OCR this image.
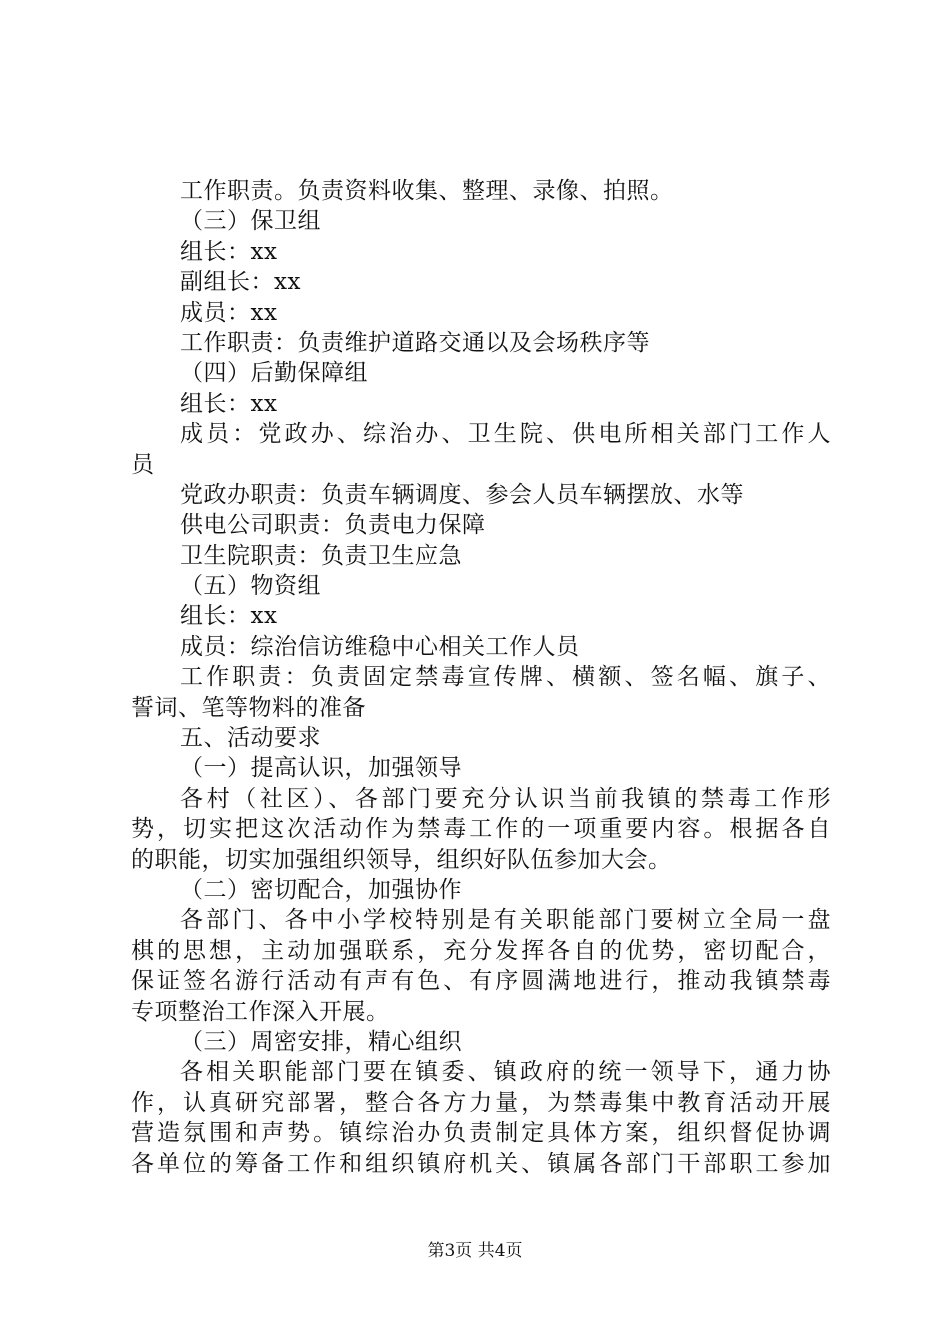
工作职责。负责资料收集、整理、录像、拍照。
（三）保卫组
组长：xx
副组长：xx
成员：xx
工作职责：负责维护道路交通以及会场秩序等
（四）后勤保障组
组长：xx
成员：党政办、综治办、卫生院、供电所相关部门工作人
员
党政办职责：负责车辆调度、参会人员车辆摆放、水等
供电公司职责：负责电力保障
卫生院职责：负责卫生应急
（五）物资组
组长：xx
成员：综治信访维稳中心相关工作人员
工作职责：负责固定禁毒宣传牌、横额、签名幅、旗子、
誓词、笔等物料的准备
五、活动要求
（一）提高认识，加强领导
各村（社区）、各部门要充分认识当前我镇的禁毒工作形
势，切实把这次活动作为禁毒工作的一项重要内容。根据各自
的职能，切实加强组织领导，组织好队伍参加大会。
（二）密切配合，加强协作
各部门、各中小学校特别是有关职能部门要树立全局一盘
棋的思想，主动加强联系，充分发挥各自的优势，密切配合，
保证签名游行活动有声有色、有序圆满地进行，推动我镇禁毒
专项整治工作深入开展。
（三）周密安排，精心组织
各相关职能部门要在镇委、镇政府的统一领导下，通力协
作，认真研究部署，整合各方力量，为禁毒集中教育活动开展
营造氛围和声势。镇综治办负责制定具体方案，组织督促协调
各单位的筹备工作和组织镇府机关、镇属各部门干部职工参加
第3页 共4页
